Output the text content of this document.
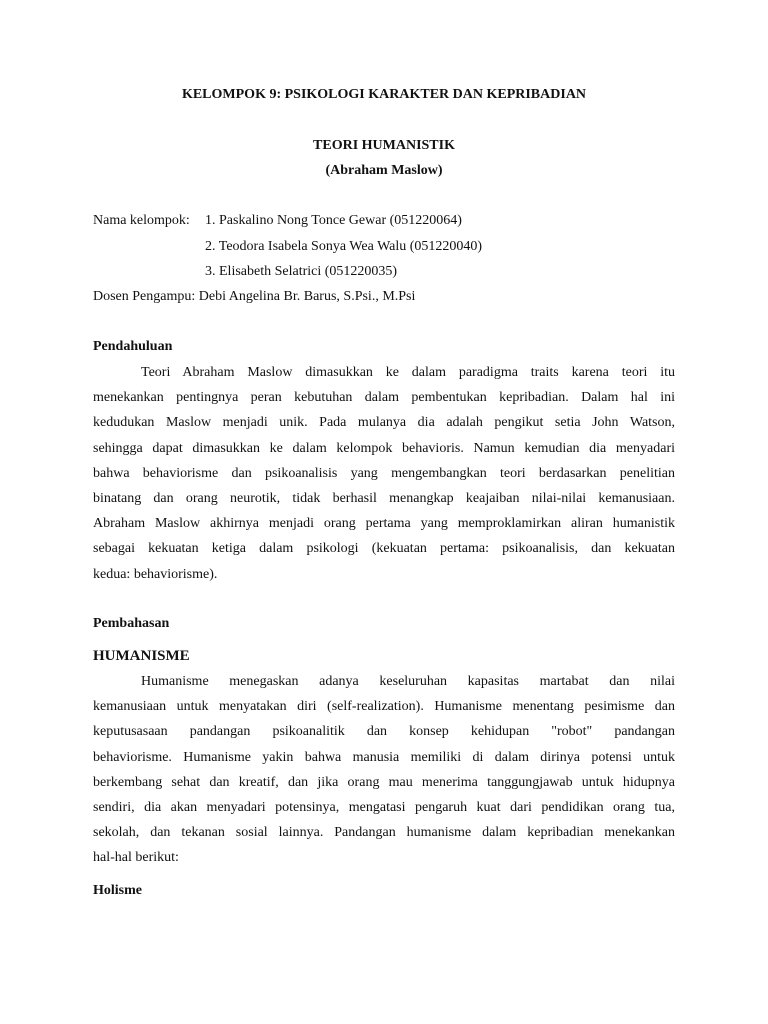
KELOMPOK 9: PSIKOLOGI KARAKTER DAN KEPRIBADIAN
TEORI HUMANISTIK
(Abraham Maslow)
Nama kelompok: 1. Paskalino Nong Tonce Gewar (051220064)
2. Teodora Isabela Sonya Wea Walu (051220040)
3. Elisabeth Selatrici (051220035)
Dosen Pengampu: Debi Angelina Br. Barus, S.Psi., M.Psi
Pendahuluan
Teori Abraham Maslow dimasukkan ke dalam paradigma traits karena teori itu
menekankan pentingnya peran kebutuhan dalam pembentukan kepribadian. Dalam hal ini
kedudukan Maslow menjadi unik. Pada mulanya dia adalah pengikut setia John Watson,
sehingga dapat dimasukkan ke dalam kelompok behavioris. Namun kemudian dia menyadari
bahwa behaviorisme dan psikoanalisis yang mengembangkan teori berdasarkan penelitian
binatang dan orang neurotik, tidak berhasil menangkap keajaiban nilai-nilai kemanusiaan.
Abraham Maslow akhirnya menjadi orang pertama yang memproklamirkan aliran humanistik
sebagai kekuatan ketiga dalam psikologi (kekuatan pertama: psikoanalisis, dan kekuatan
kedua: behaviorisme).
Pembahasan
HUMANISME
Humanisme menegaskan adanya keseluruhan kapasitas martabat dan nilai
kemanusiaan untuk menyatakan diri (self-realization). Humanisme menentang pesimisme dan
keputusasaan pandangan psikoanalitik dan konsep kehidupan "robot" pandangan
behaviorisme. Humanisme yakin bahwa manusia memiliki di dalam dirinya potensi untuk
berkembang sehat dan kreatif, dan jika orang mau menerima tanggungjawab untuk hidupnya
sendiri, dia akan menyadari potensinya, mengatasi pengaruh kuat dari pendidikan orang tua,
sekolah, dan tekanan sosial lainnya. Pandangan humanisme dalam kepribadian menekankan
hal-hal berikut:
Holisme
